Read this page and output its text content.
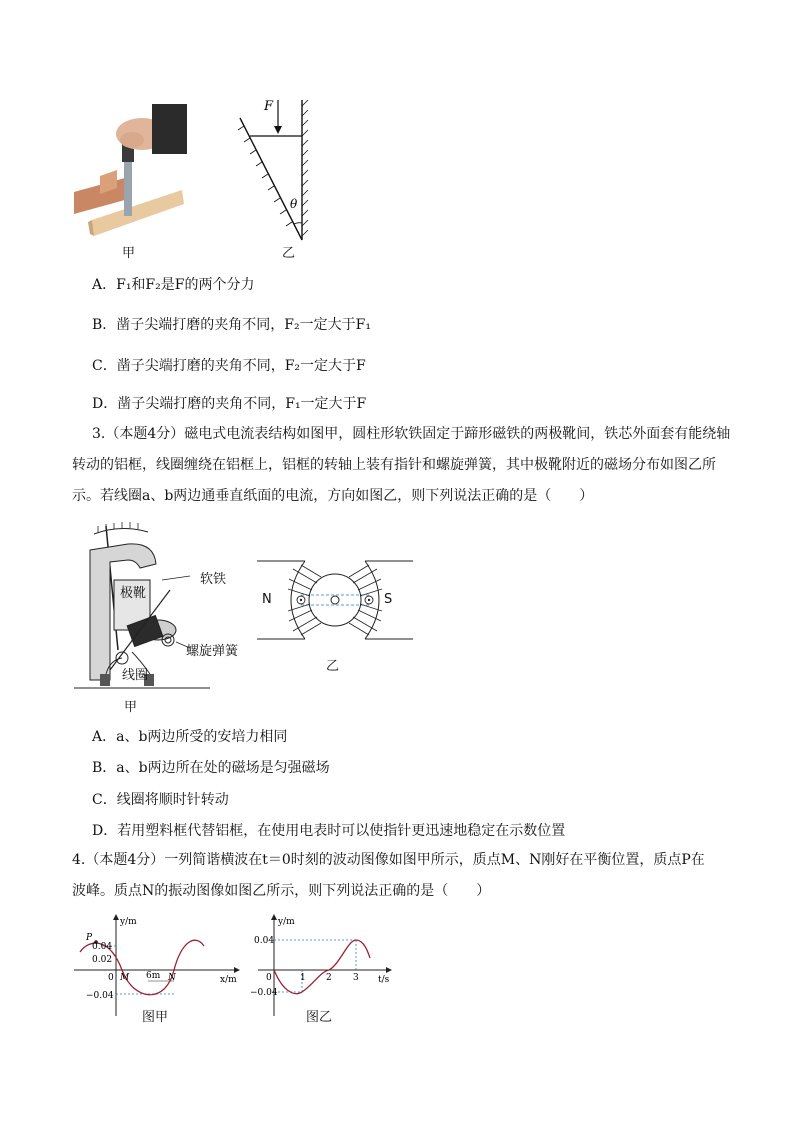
甲
F
θ
乙
A．F₁和F₂是F的两个分力
B．凿子尖端打磨的夹角不同，F₂一定大于F₁
C．凿子尖端打磨的夹角不同，F₂一定大于F
D．凿子尖端打磨的夹角不同，F₁一定大于F
3.（本题4分）磁电式电流表结构如图甲，圆柱形软铁固定于蹄形磁铁的两极靴间，铁芯外面套有能绕轴
转动的铝框，线圈缠绕在铝框上，铝框的转轴上装有指针和螺旋弹簧，其中极靴附近的磁场分布如图乙所
示。若线圈a、b两边通垂直纸面的电流，方向如图乙，则下列说法正确的是（　　）
软铁
极靴
螺旋弹簧
线圈
甲
N	S
乙
A．a、b两边所受的安培力相同
B．a、b两边所在处的磁场是匀强磁场
C．线圈将顺时针转动
D．若用塑料框代替铝框，在使用电表时可以使指针更迅速地稳定在示数位置
4.（本题4分）一列简谐横波在t＝0时刻的波动图像如图甲所示，质点M、N刚好在平衡位置，质点P在
波峰。质点N的振动图像如图乙所示，则下列说法正确的是（　　）
y/m
x/m
0.04
0.02
−0.04
0
P
M	N
6m
图甲
y/m
t/s
0.04
−0.04
0	1 2 3
图乙
